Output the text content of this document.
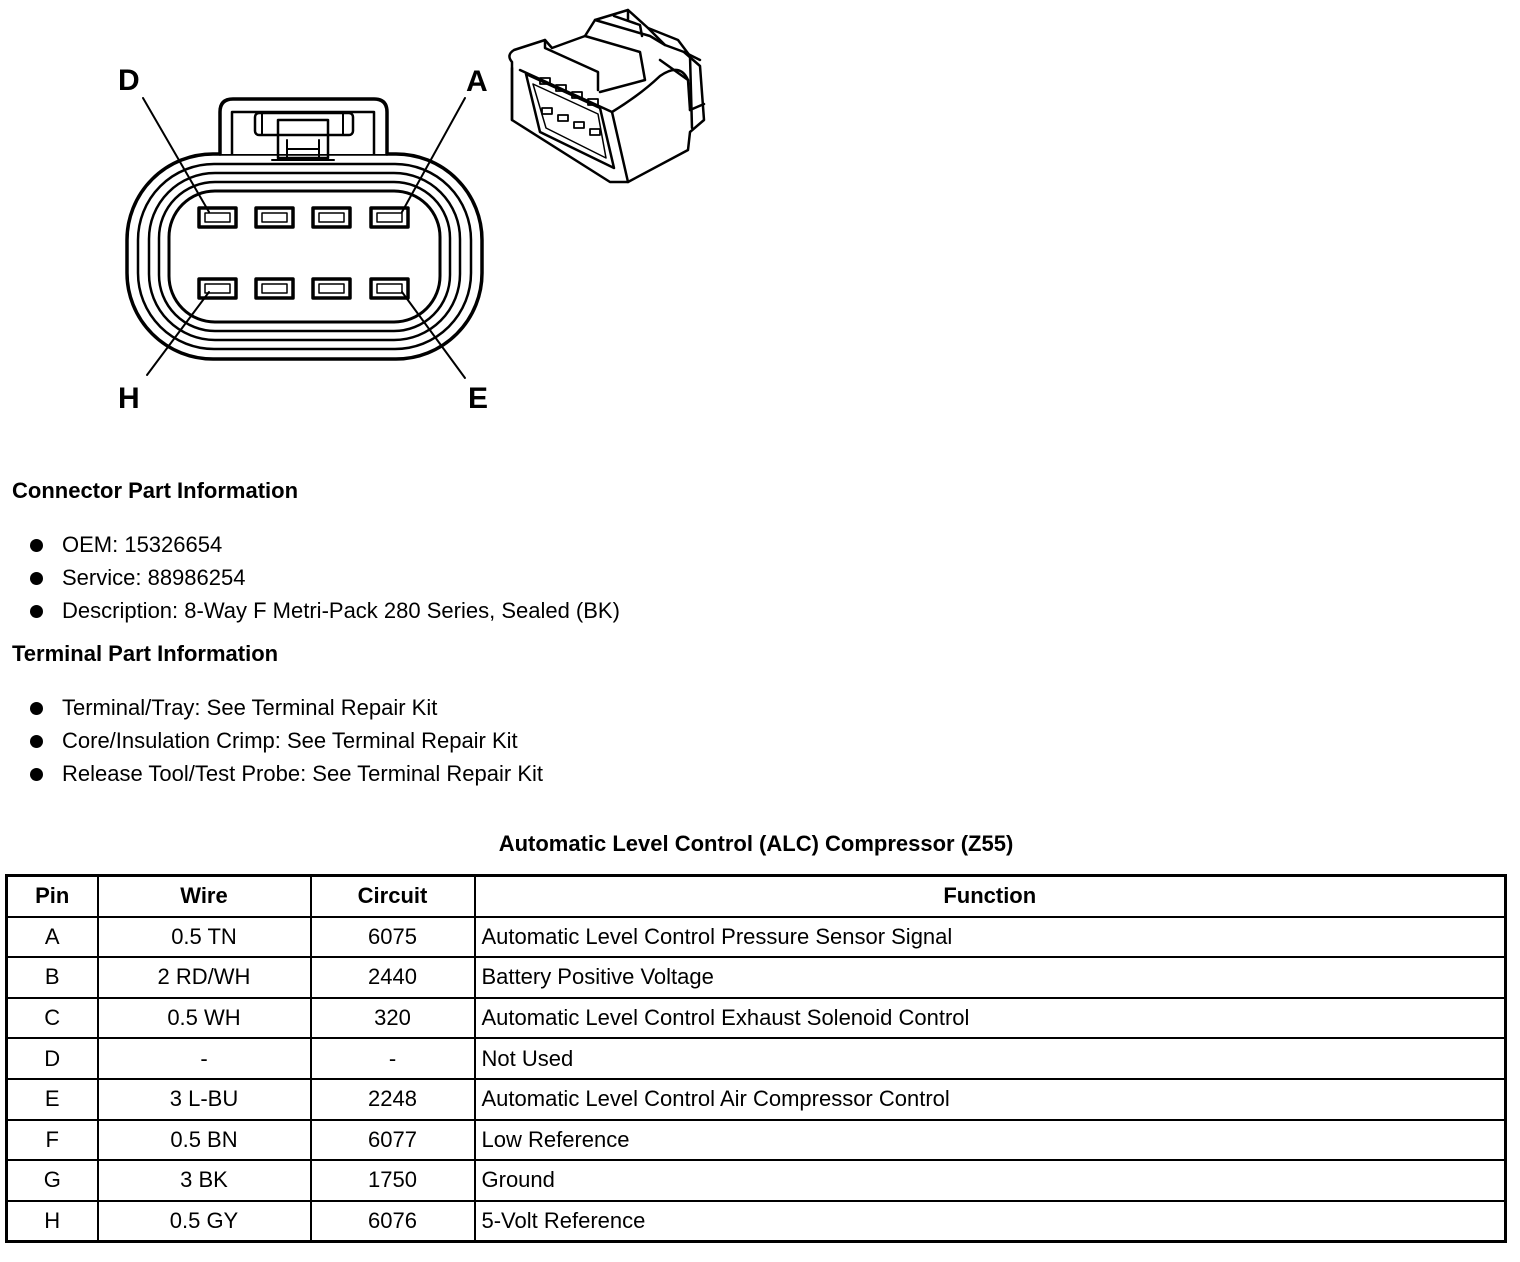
D	A
H	E
Connector Part Information
OEM: 15326654
Service: 88986254
Description: 8-Way F Metri-Pack 280 Series, Sealed (BK)
Terminal Part Information
Terminal/Tray: See Terminal Repair Kit
Core/Insulation Crimp: See Terminal Repair Kit
Release Tool/Test Probe: See Terminal Repair Kit
Automatic Level Control (ALC) Compressor (Z55)
Pin	Wire	Circuit	Function
A	0.5 TN	6075	Automatic Level Control Pressure Sensor Signal
B	2 RD/WH	2440	Battery Positive Voltage
C	0.5 WH	320	Automatic Level Control Exhaust Solenoid Control
D	-	-	Not Used
E	3 L-BU	2248	Automatic Level Control Air Compressor Control
F	0.5 BN	6077	Low Reference
G	3 BK	1750	Ground
H	0.5 GY	6076	5-Volt Reference
